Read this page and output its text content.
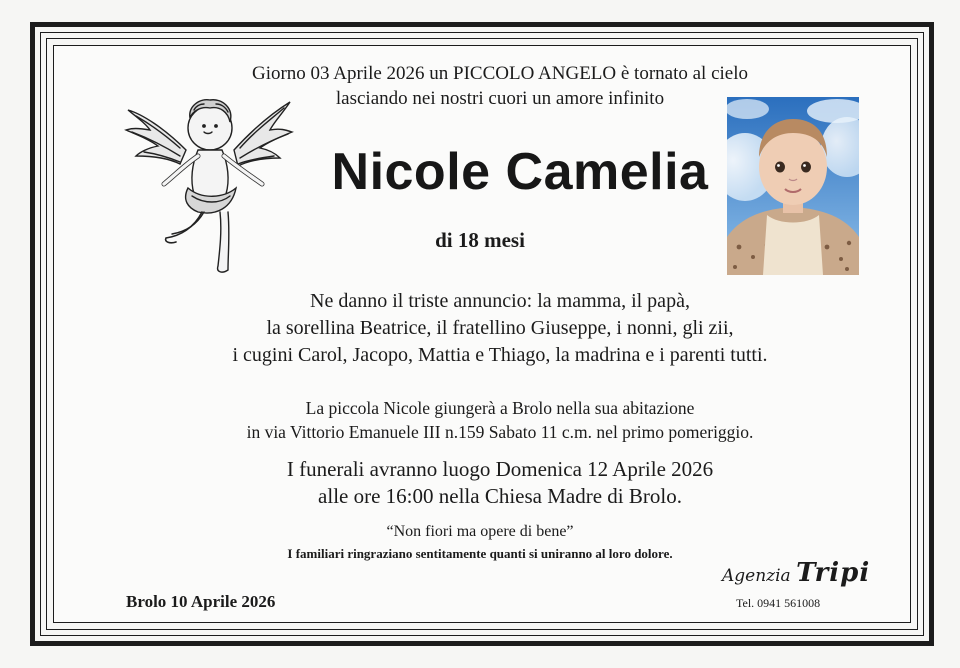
Giorno 03 Aprile 2026 un PICCOLO ANGELO è tornato al cielo
lasciando nei nostri cuori un amore infinito
Nicole Camelia
di 18 mesi
Ne danno il triste annuncio: la mamma, il papà,
la sorellina Beatrice, il fratellino Giuseppe, i nonni, gli zii,
i cugini Carol, Jacopo, Mattia e Thiago, la madrina e i parenti tutti.
La piccola Nicole giungerà a Brolo nella sua abitazione
in via Vittorio Emanuele III n.159 Sabato 11 c.m. nel primo pomeriggio.
I funerali avranno luogo Domenica 12 Aprile 2026
alle ore 16:00 nella Chiesa Madre di Brolo.
“Non fiori ma opere di bene”
I familiari ringraziano sentitamente quanti si uniranno al loro dolore.
Brolo 10 Aprile 2026
Agenzia Tripi
Tel. 0941 561008
